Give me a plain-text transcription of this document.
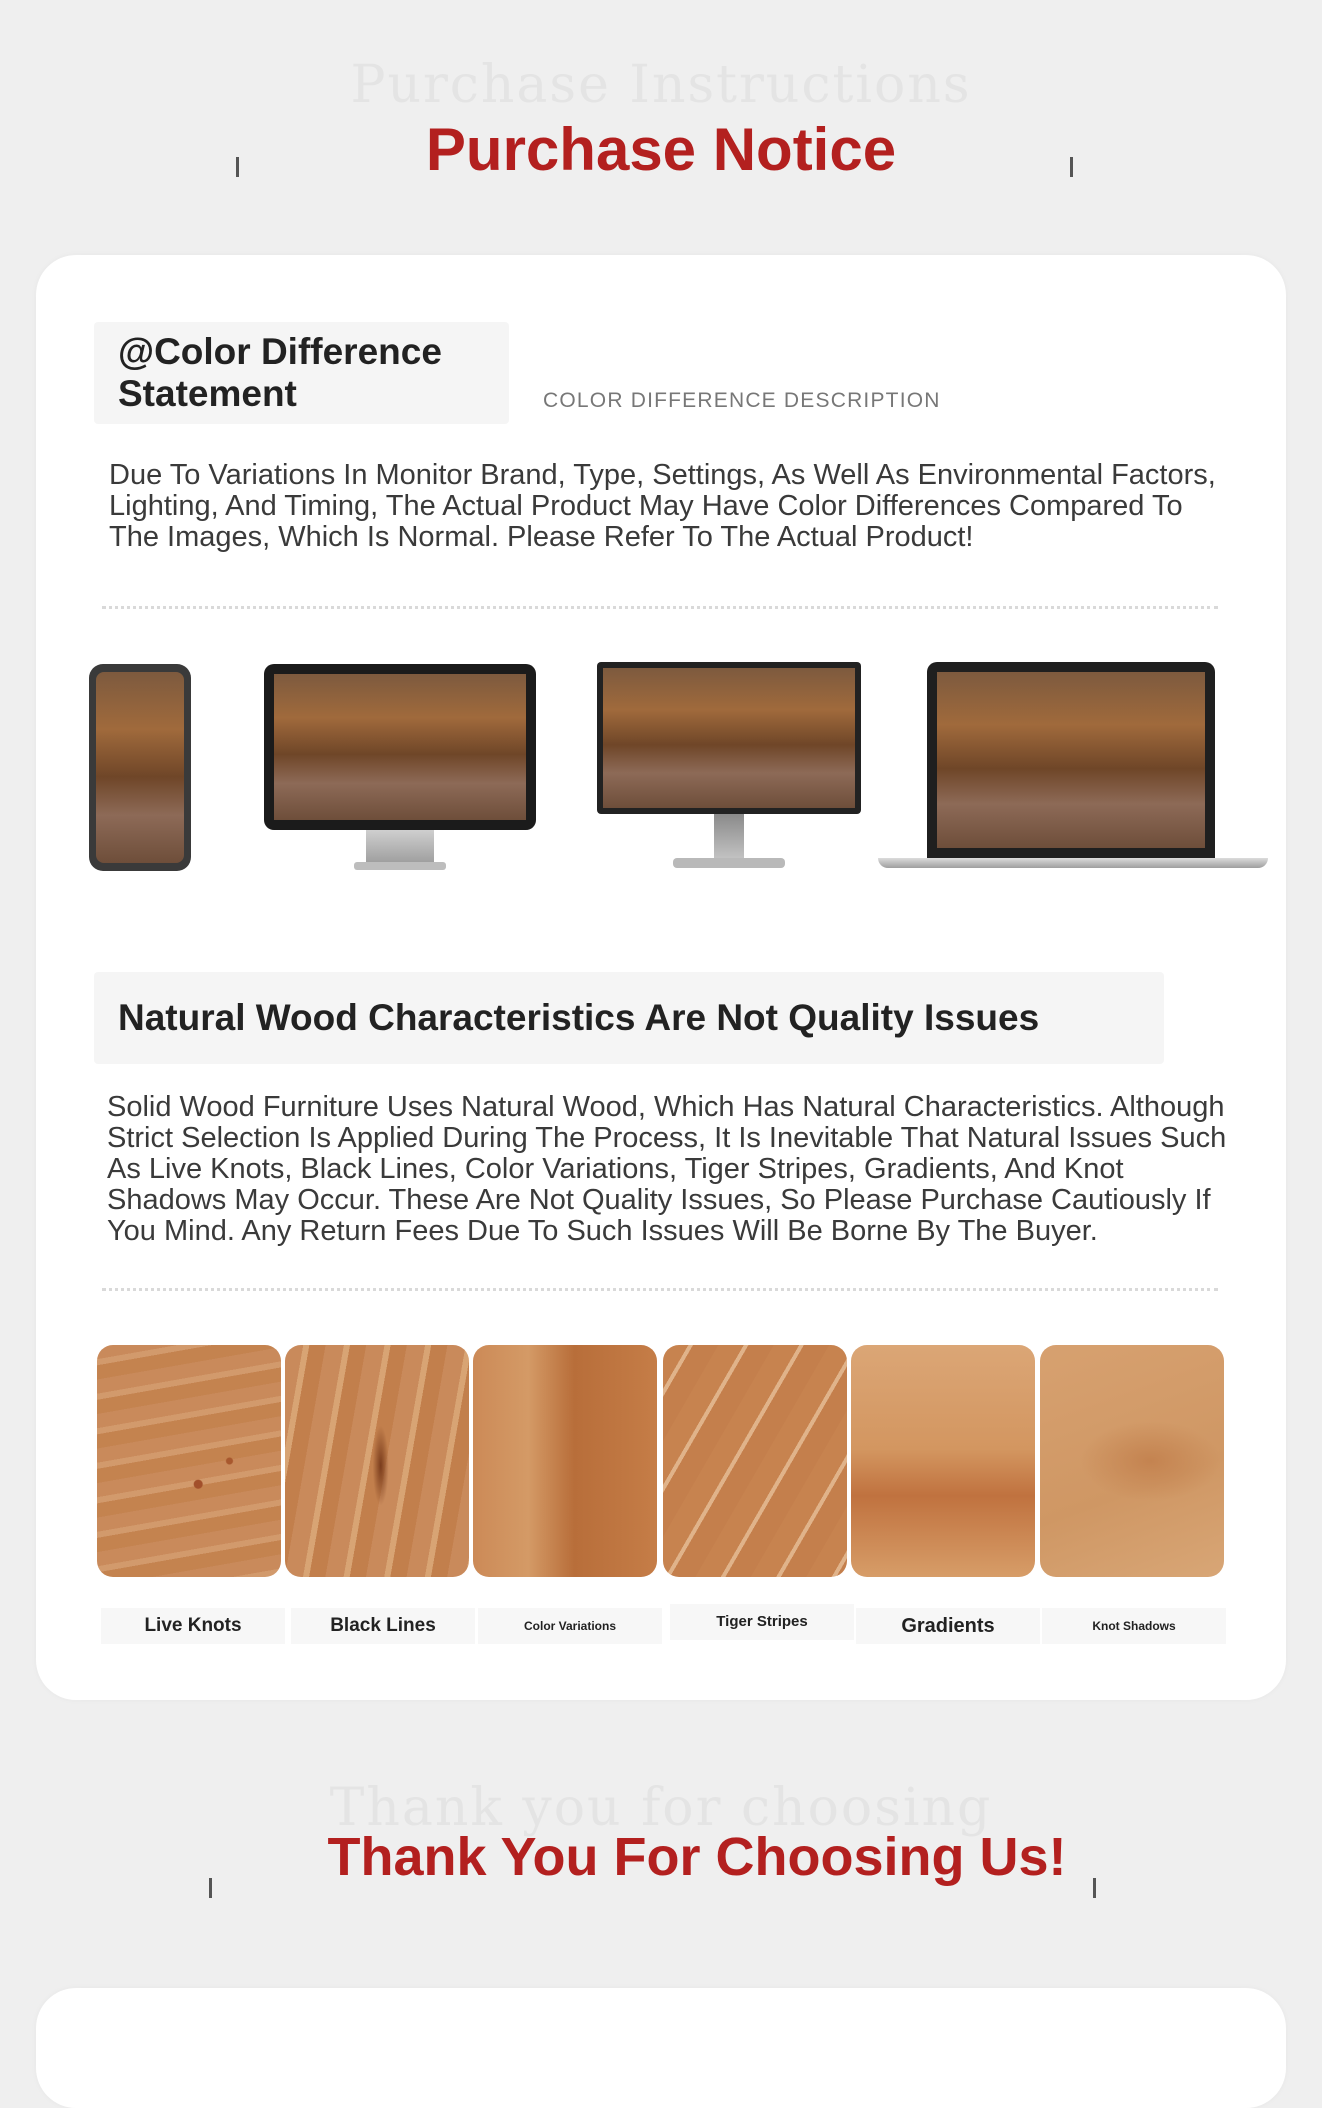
Purchase Instructions
Purchase Notice
@Color Difference Statement	COLOR DIFFERENCE DESCRIPTION
Due To Variations In Monitor Brand, Type, Settings, As Well As Environmental Factors, Lighting, And Timing, The Actual Product May Have Color Differences Compared To The Images, Which Is Normal. Please Refer To The Actual Product!
Natural Wood Characteristics Are Not Quality Issues
Solid Wood Furniture Uses Natural Wood, Which Has Natural Characteristics. Although Strict Selection Is Applied During The Process, It Is Inevitable That Natural Issues Such As Live Knots, Black Lines, Color Variations, Tiger Stripes, Gradients, And Knot Shadows May Occur. These Are Not Quality Issues, So Please Purchase Cautiously If You Mind. Any Return Fees Due To Such Issues Will Be Borne By The Buyer.
Live Knots	Black Lines	Color Variations	Tiger Stripes	Gradients	Knot Shadows
Thank you for choosing
Thank You For Choosing Us!
